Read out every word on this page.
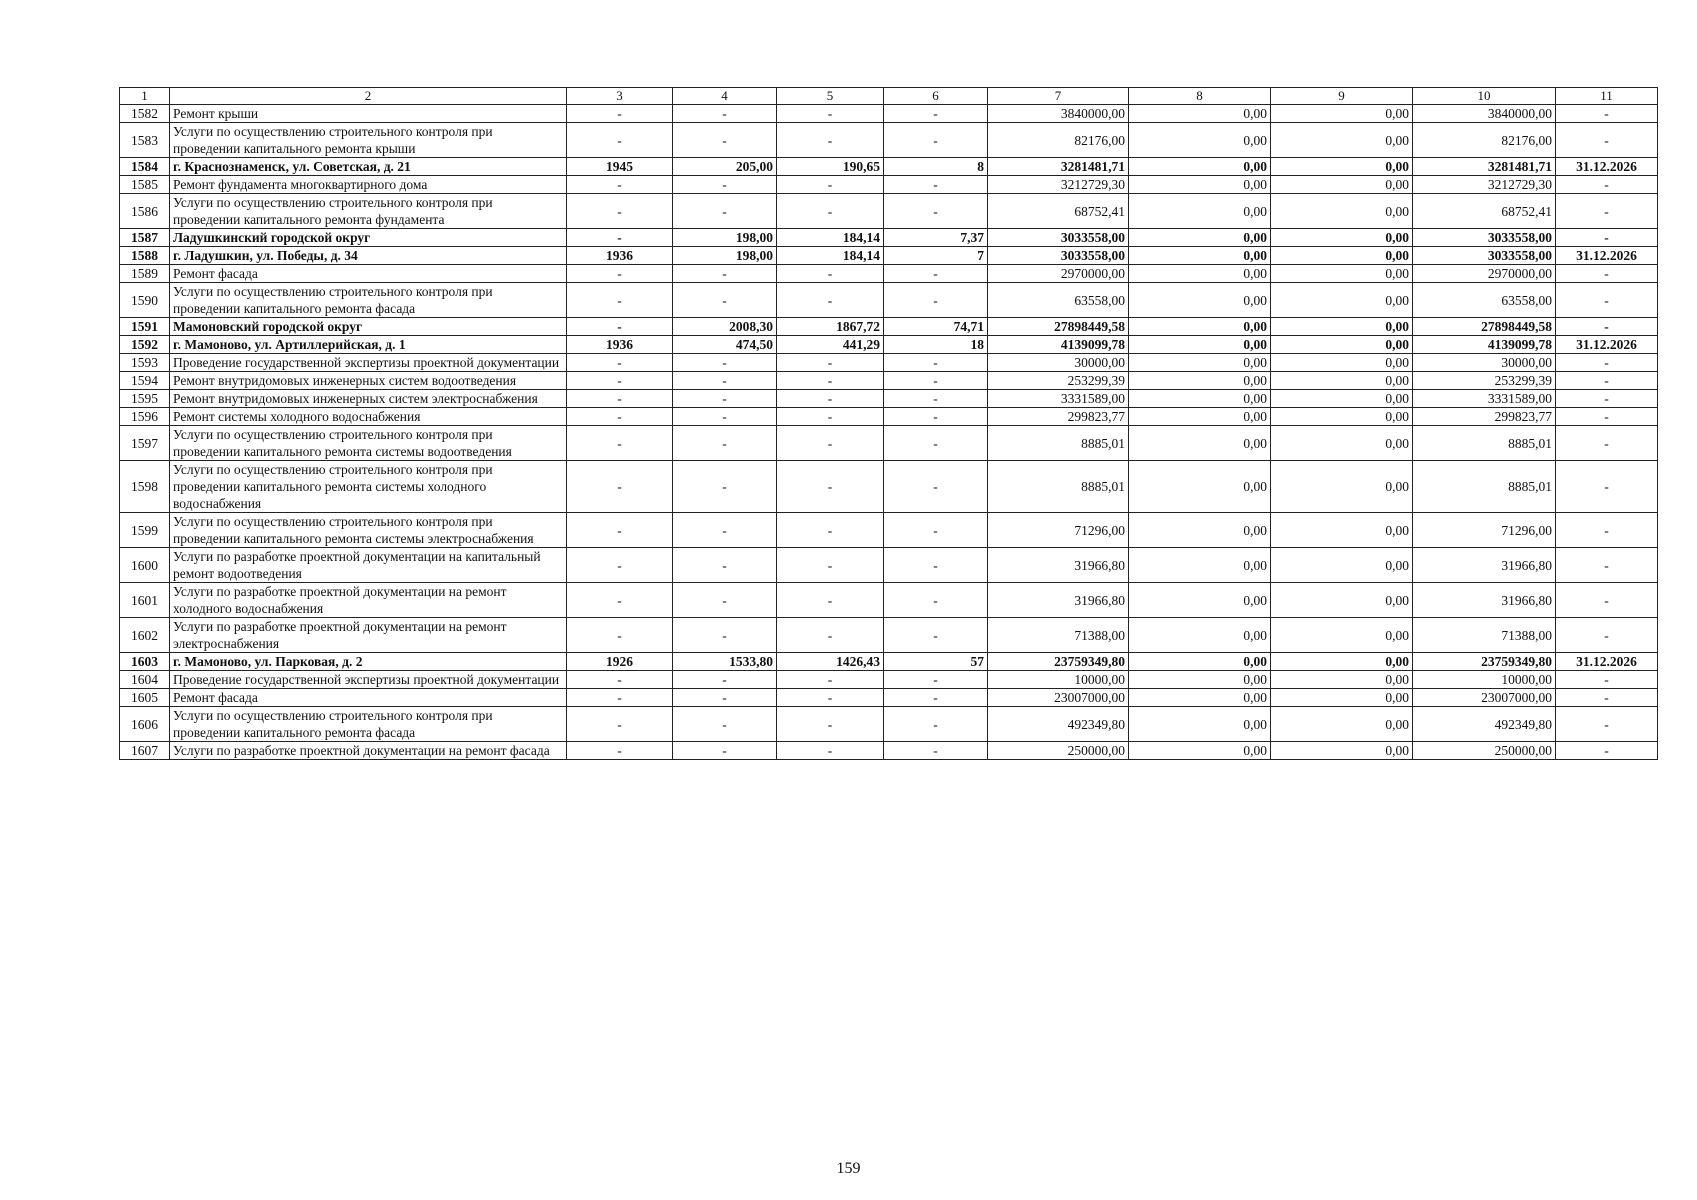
1	2	3	4	5	6	7	8	9	10	11
1582	Ремонт крыши	-	-	-	-	3840000,00	0,00	0,00	3840000,00	-
1583	Услуги по осуществлению строительного контроля при проведении капитального ремонта крыши	-	-	-	-	82176,00	0,00	0,00	82176,00	-
1584	г. Краснознаменск, ул. Советская, д. 21	1945	205,00	190,65	8	3281481,71	0,00	0,00	3281481,71	31.12.2026
1585	Ремонт фундамента многоквартирного дома	-	-	-	-	3212729,30	0,00	0,00	3212729,30	-
1586	Услуги по осуществлению строительного контроля при проведении капитального ремонта фундамента	-	-	-	-	68752,41	0,00	0,00	68752,41	-
1587	Ладушкинский городской округ	-	198,00	184,14	7,37	3033558,00	0,00	0,00	3033558,00	-
1588	г. Ладушкин, ул. Победы, д. 34	1936	198,00	184,14	7	3033558,00	0,00	0,00	3033558,00	31.12.2026
1589	Ремонт фасада	-	-	-	-	2970000,00	0,00	0,00	2970000,00	-
1590	Услуги по осуществлению строительного контроля при проведении капитального ремонта фасада	-	-	-	-	63558,00	0,00	0,00	63558,00	-
1591	Мамоновский городской округ	-	2008,30	1867,72	74,71	27898449,58	0,00	0,00	27898449,58	-
1592	г. Мамоново, ул. Артиллерийская, д. 1	1936	474,50	441,29	18	4139099,78	0,00	0,00	4139099,78	31.12.2026
1593	Проведение государственной экспертизы проектной документации	-	-	-	-	30000,00	0,00	0,00	30000,00	-
1594	Ремонт внутридомовых инженерных систем водоотведения	-	-	-	-	253299,39	0,00	0,00	253299,39	-
1595	Ремонт внутридомовых инженерных систем электроснабжения	-	-	-	-	3331589,00	0,00	0,00	3331589,00	-
1596	Ремонт системы холодного водоснабжения	-	-	-	-	299823,77	0,00	0,00	299823,77	-
1597	Услуги по осуществлению строительного контроля при проведении капитального ремонта системы водоотведения	-	-	-	-	8885,01	0,00	0,00	8885,01	-
1598	Услуги по осуществлению строительного контроля при проведении капитального ремонта системы холодного водоснабжения	-	-	-	-	8885,01	0,00	0,00	8885,01	-
1599	Услуги по осуществлению строительного контроля при проведении капитального ремонта системы электроснабжения	-	-	-	-	71296,00	0,00	0,00	71296,00	-
1600	Услуги по разработке проектной документации на капитальный ремонт водоотведения	-	-	-	-	31966,80	0,00	0,00	31966,80	-
1601	Услуги по разработке проектной документации на ремонт холодного водоснабжения	-	-	-	-	31966,80	0,00	0,00	31966,80	-
1602	Услуги по разработке проектной документации на ремонт электроснабжения	-	-	-	-	71388,00	0,00	0,00	71388,00	-
1603	г. Мамоново, ул. Парковая, д. 2	1926	1533,80	1426,43	57	23759349,80	0,00	0,00	23759349,80	31.12.2026
1604	Проведение государственной экспертизы проектной документации	-	-	-	-	10000,00	0,00	0,00	10000,00	-
1605	Ремонт фасада	-	-	-	-	23007000,00	0,00	0,00	23007000,00	-
1606	Услуги по осуществлению строительного контроля при проведении капитального ремонта фасада	-	-	-	-	492349,80	0,00	0,00	492349,80	-
1607	Услуги по разработке проектной документации на ремонт фасада	-	-	-	-	250000,00	0,00	0,00	250000,00	-
159
